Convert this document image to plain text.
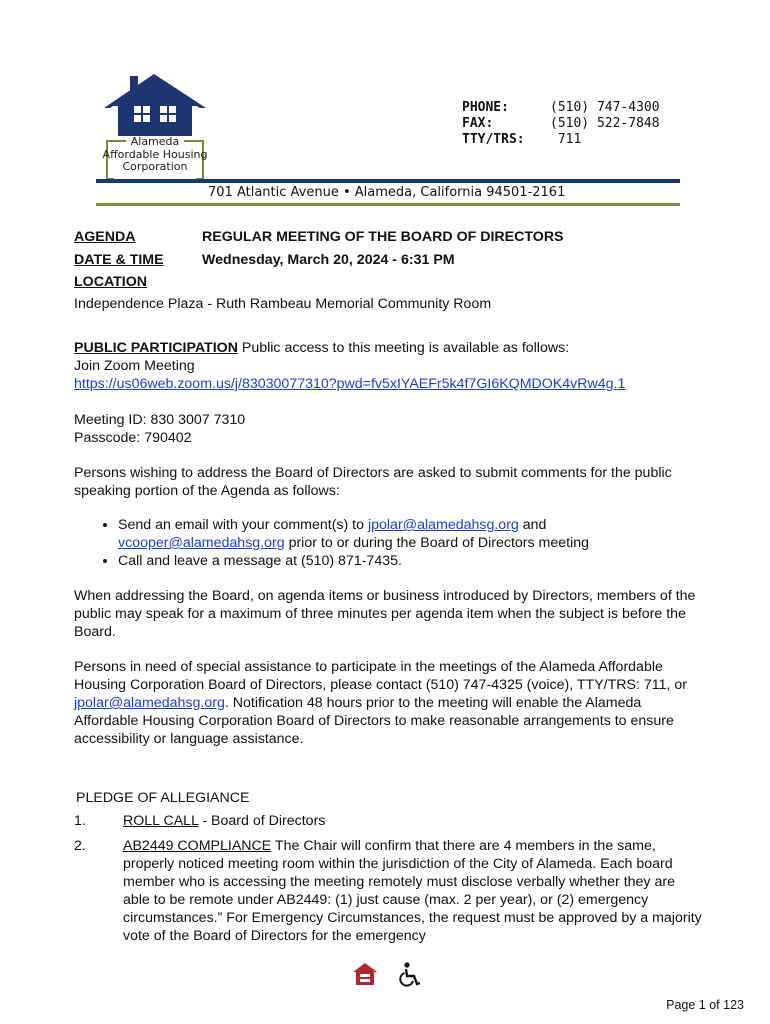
Alameda
Affordable Housing
Corporation
PHONE:	(510) 747-4300
FAX:	(510) 522-7848
TTY/TRS:	711
701 Atlantic Avenue • Alameda, California 94501-2161
AGENDA	REGULAR MEETING OF THE BOARD OF DIRECTORS
DATE & TIME	Wednesday, March 20, 2024 - 6:31 PM
LOCATION
Independence Plaza - Ruth Rambeau Memorial Community Room
PUBLIC PARTICIPATION Public access to this meeting is available as follows:
Join Zoom Meeting
https://us06web.zoom.us/j/83030077310?pwd=fv5xIYAEFr5k4f7GI6KQMDOK4vRw4g.1
Meeting ID: 830 3007 7310
Passcode: 790402
Persons wishing to address the Board of Directors are asked to submit comments for the public speaking portion of the Agenda as follows:
• Send an email with your comment(s) to jpolar@alamedahsg.org and vcooper@alamedahsg.org prior to or during the Board of Directors meeting
• Call and leave a message at (510) 871-7435.
When addressing the Board, on agenda items or business introduced by Directors, members of the public may speak for a maximum of three minutes per agenda item when the subject is before the Board.
Persons in need of special assistance to participate in the meetings of the Alameda Affordable Housing Corporation Board of Directors, please contact (510) 747-4325 (voice), TTY/TRS: 711, or jpolar@alamedahsg.org. Notification 48 hours prior to the meeting will enable the Alameda Affordable Housing Corporation Board of Directors to make reasonable arrangements to ensure accessibility or language assistance.
PLEDGE OF ALLEGIANCE
1.	ROLL CALL - Board of Directors
2.	AB2449 COMPLIANCE The Chair will confirm that there are 4 members in the same, properly noticed meeting room within the jurisdiction of the City of Alameda. Each board member who is accessing the meeting remotely must disclose verbally whether they are able to be remote under AB2449: (1) just cause (max. 2 per year), or (2) emergency circumstances.” For Emergency Circumstances, the request must be approved by a majority vote of the Board of Directors for the emergency
Page 1 of 123
